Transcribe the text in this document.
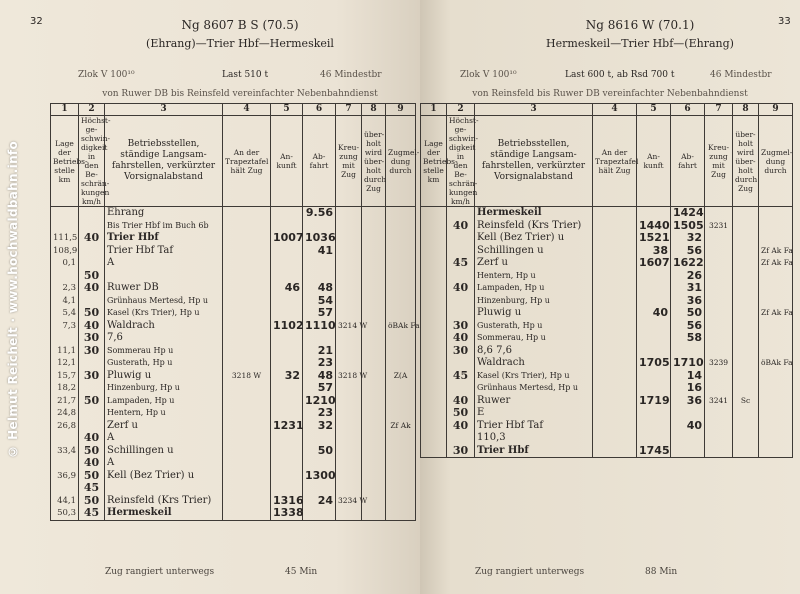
© Helmut Reichelt · www.hochwaldbahn.info
32	Ng 8607 B S (70.5)
(Ehrang)—Trier Hbf—Hermeskeil
Zlok V 100¹⁰	Last 510 t	46 Mindestbr
von Ruwer DB bis Reinsfeld vereinfachter Nebenbahndienst
1	2	3	4	5	6	7	8	9
Lage der Betriebs-stelle km	Höchst-ge-schwin-digkeit in den Be-schrän-kungen km/h	Betriebsstellen, ständige Langsam-fahrstellen, verkürzter Vorsignalabstand	An der Trapeztafel hält Zug	An-kunft	Ab-fahrt	Kreu-zung mit Zug	über-holt wird über-holt durch Zug	Zugmel-dung durch
		Ehrang			9.56			
		Bis Trier Hbf im Buch 6b						
111,5	40	Trier Hbf		1007	1036			
108,9		Trier Hbf Taf			41			
0,1		A						
	50							
2,3	40	Ruwer DB		46	48			
4,1		Grünhaus Mertesd, Hp u			54			
5,4	50	Kasel (Krs Trier), Hp u			57			
7,3	40	Waldrach		1102	1110	3214 W		öBAk Fa
	30	7,6						
11,1	30	Sommerau Hp u			21			
12,1		Gusterath, Hp u			23			
15,7	30	Pluwig u	3218 W	32	48	3218 W		Z(A
18,2		Hinzenburg, Hp u			57			
21,7	50	Lampaden, Hp u			1210			
24,8		Hentern, Hp u			23			
26,8		Zerf u		1231	32			Zf Ak
	40	A						
33,4	50	Schillingen u			50			
	40	A						
36,9	50	Kell (Bez Trier) u			1300			
	45							
44,1	50	Reinsfeld (Krs Trier)		1316	24	3234 W		
50,3	45	Hermeskeil		1338				
Zug rangiert unterwegs	45 Min
33
Ng 8616 W (70.1)
Hermeskeil—Trier Hbf—(Ehrang)
Zlok V 100¹⁰	Last 600 t, ab Rsd 700 t	46 Mindestbr
von Reinsfeld bis Ruwer DB vereinfachter Nebenbahndienst
1	2	3	4	5	6	7	8	9
Lage der Betriebs-stelle km	Höchst-ge-schwin-digkeit in den Be-schrän-kungen km/h	Betriebsstellen, ständige Langsam-fahrstellen, verkürzter Vorsignalabstand	An der Trapeztafel hält Zug	An-kunft	Ab-fahrt	Kreu-zung mit Zug	über-holt wird über-holt durch Zug	Zugmel-dung durch
		Hermeskeil			1424			
	40	Reinsfeld (Krs Trier)		1440	1505	3231		
		Kell (Bez Trier) u		1521	32			
		Schillingen u		38	56			Zf Ak Fa
	45	Zerf u		1607	1622			Zf Ak Fa
		Hentern, Hp u			26			
	40	Lampaden, Hp u			31			
		Hinzenburg, Hp u			36			
		Pluwig u		40	50			Zf Ak Fa
	30	Gusterath, Hp u			56			
	40	Sommerau, Hp u			58			
	30	8,6 7,6						
		Waldrach		1705	1710	3239		öBAk Fa
	45	Kasel (Krs Trier), Hp u			14			
		Grünhaus Mertesd, Hp u			16			
	40	Ruwer		1719	36	3241	Sc	
	50	E						
	40	Trier Hbf Taf			40			
		110,3						
	30	Trier Hbf		1745				
Zug rangiert unterwegs	88 Min
